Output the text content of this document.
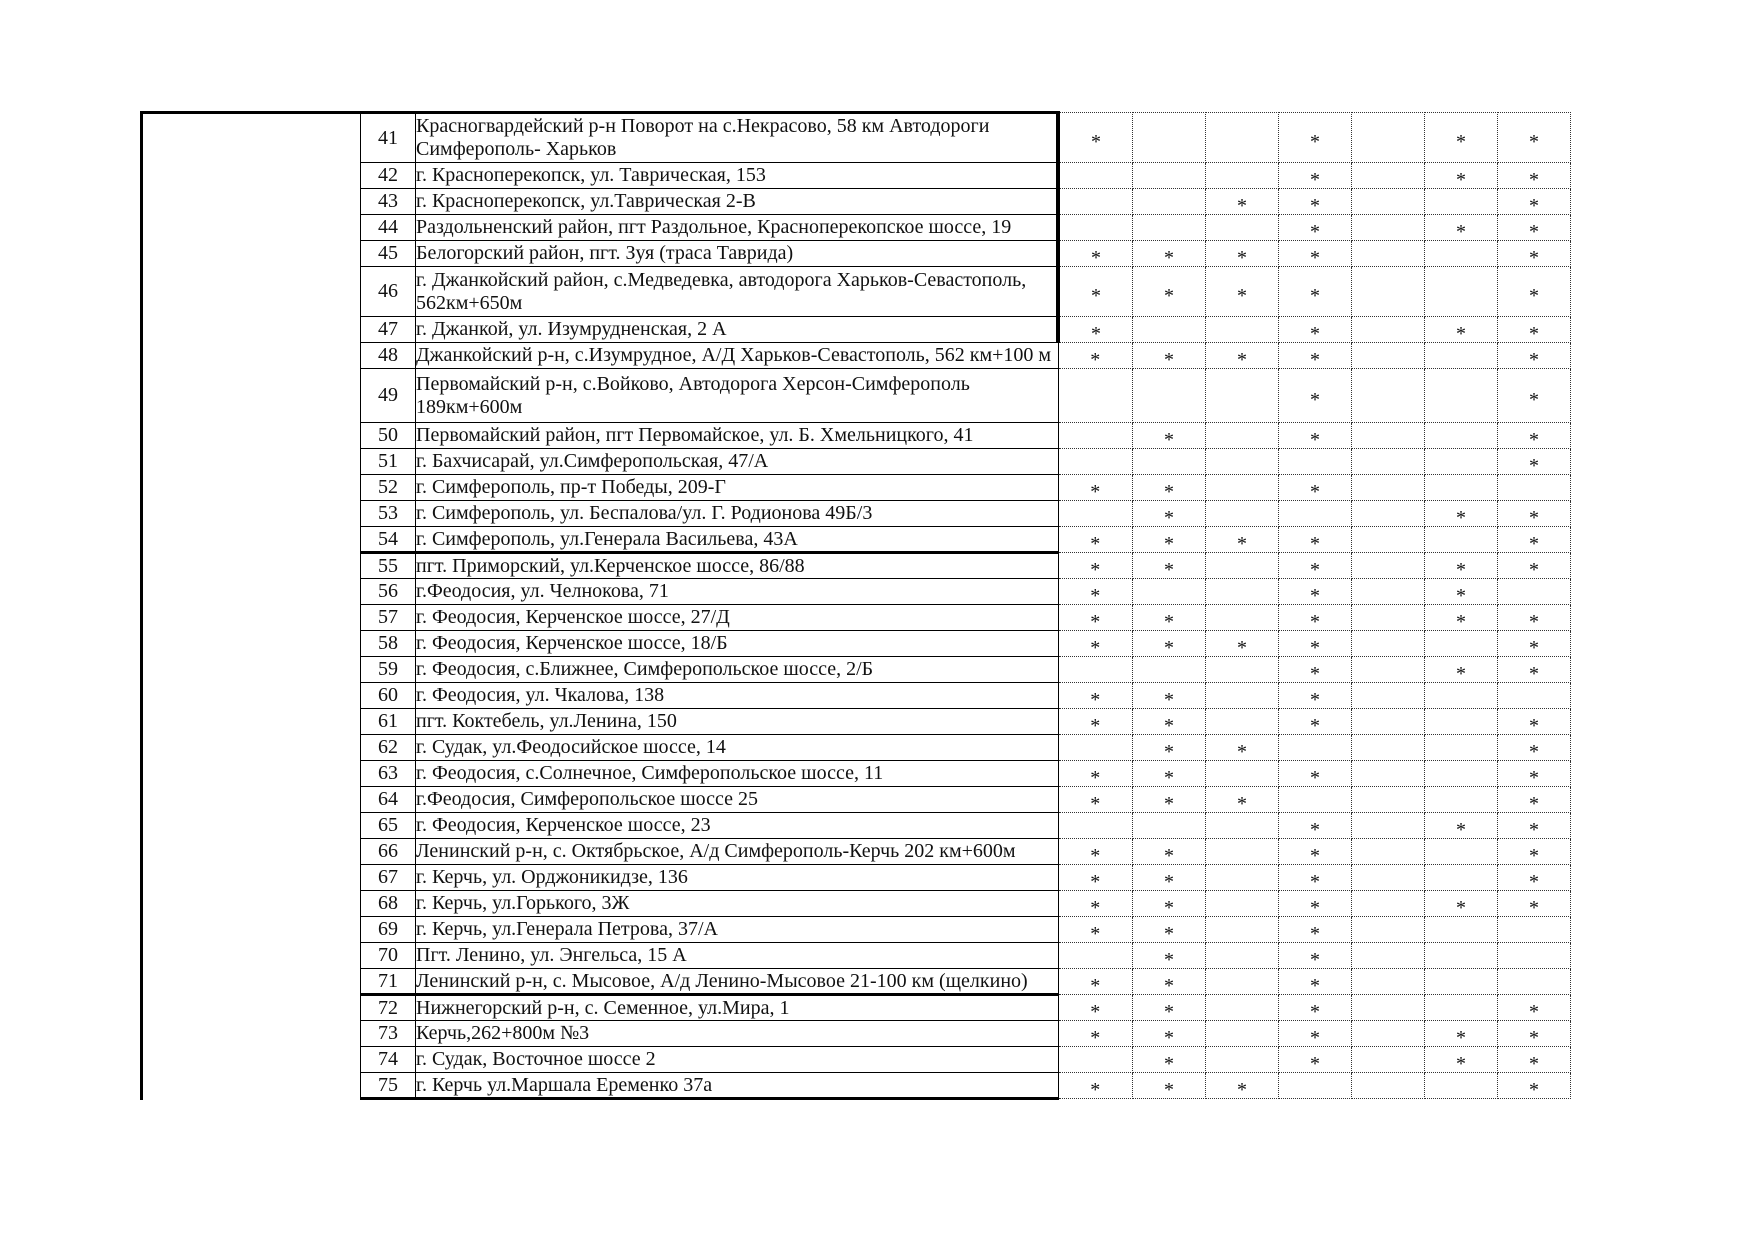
41	Красногвардейский р-н Поворот на с.Некрасово, 58 км Автодороги Симферополь- Харьков	*			*		*	*
42	г. Красноперекопск, ул. Таврическая, 153				*		*	*
43	г. Красноперекопск, ул.Таврическая 2-В			*	*			*
44	Раздольненский район, пгт Раздольное, Красноперекопское шоссе, 19				*		*	*
45	Белогорский район, пгт. Зуя (траса Таврида)	*	*	*	*			*
46	г. Джанкойский район, с.Медведевка, автодорога Харьков-Севастополь, 562км+650м	*	*	*	*			*
47	г. Джанкой, ул. Изумрудненская, 2 А	*			*		*	*
48	Джанкойский р-н, с.Изумрудное, А/Д Харьков-Севастополь, 562 км+100 м	*	*	*	*			*
49	Первомайский р-н, с.Войково, Автодорога Херсон-Симферополь 189км+600м				*			*
50	Первомайский район, пгт Первомайское, ул. Б. Хмельницкого, 41		*		*			*
51	г. Бахчисарай, ул.Симферопольская, 47/А							*
52	г. Симферополь, пр-т Победы, 209-Г	*	*		*			
53	г. Симферополь, ул. Беспалова/ул. Г. Родионова 49Б/3		*				*	*
54	г. Симферополь, ул.Генерала Васильева, 43А	*	*	*	*			*
55	пгт. Приморский, ул.Керченское шоссе, 86/88	*	*		*		*	*
56	г.Феодосия, ул. Челнокова, 71	*			*		*	
57	г. Феодосия, Керченское шоссе, 27/Д	*	*		*		*	*
58	г. Феодосия, Керченское шоссе, 18/Б	*	*	*	*			*
59	г. Феодосия, с.Ближнее, Симферопольское шоссе, 2/Б				*		*	*
60	г. Феодосия, ул. Чкалова, 138	*	*		*			
61	пгт. Коктебель, ул.Ленина, 150	*	*		*			*
62	г. Судак, ул.Феодосийское шоссе, 14		*	*				*
63	г. Феодосия, с.Солнечное, Симферопольское шоссе, 11	*	*		*			*
64	г.Феодосия, Симферопольское шоссе 25	*	*	*				*
65	г. Феодосия, Керченское шоссе, 23				*		*	*
66	Ленинский р-н, с. Октябрьское, А/д Симферополь-Керчь 202 км+600м	*	*		*			*
67	г. Керчь, ул. Орджоникидзе, 136	*	*		*			*
68	г. Керчь, ул.Горького, 3Ж	*	*		*		*	*
69	г. Керчь, ул.Генерала Петрова, 37/А	*	*		*			
70	Пгт. Ленино, ул. Энгельса, 15 А		*		*			
71	Ленинский р-н, с. Мысовое, А/д Ленино-Мысовое 21-100 км (щелкино)	*	*		*			
72	Нижнегорский р-н, с. Семенное, ул.Мира, 1	*	*		*			*
73	Керчь,262+800м №3	*	*		*		*	*
74	г. Судак, Восточное шоссе 2		*		*		*	*
75	г. Керчь ул.Маршала Еременко 37а	*	*	*				*
